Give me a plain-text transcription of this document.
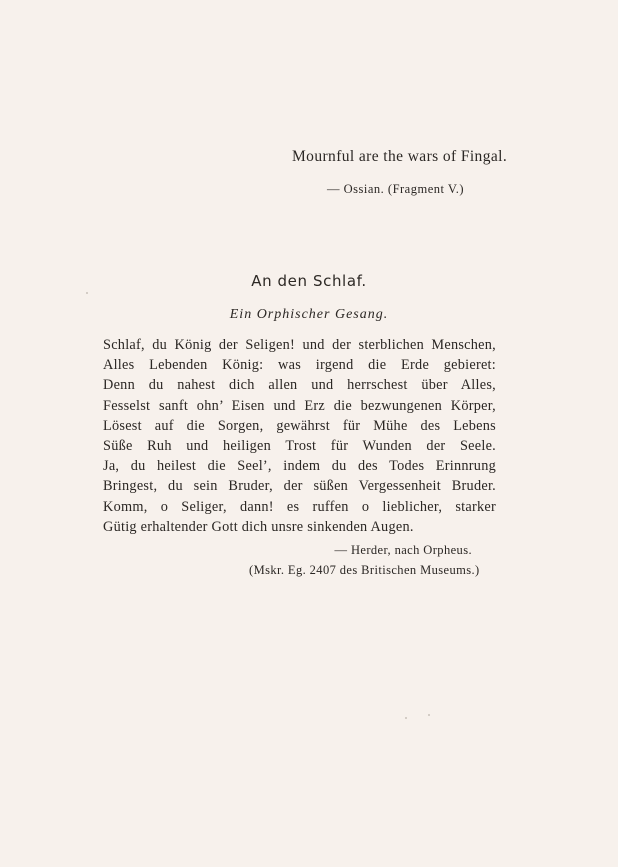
Mournful are the wars of Fingal.
— Ossian. (Fragment V.)
An den Schlaf.
Ein Orphischer Gesang.
Schlaf, du König der Seligen! und der sterblichen Menschen,
Alles Lebenden König: was irgend die Erde gebieret:
Denn du nahest dich allen und herrschest über Alles,
Fesselst sanft ohn’ Eisen und Erz die bezwungenen Körper,
Lösest auf die Sorgen, gewährst für Mühe des Lebens
Süße Ruh und heiligen Trost für Wunden der Seele.
Ja, du heilest die Seel’, indem du des Todes Erinnrung
Bringest, du sein Bruder, der süßen Vergessenheit Bruder.
Komm, o Seliger, dann! es ruffen o lieblicher, starker
Gütig erhaltender Gott dich unsre sinkenden Augen.
— Herder, nach Orpheus.
(Mskr. Eg. 2407 des Britischen Museums.)
